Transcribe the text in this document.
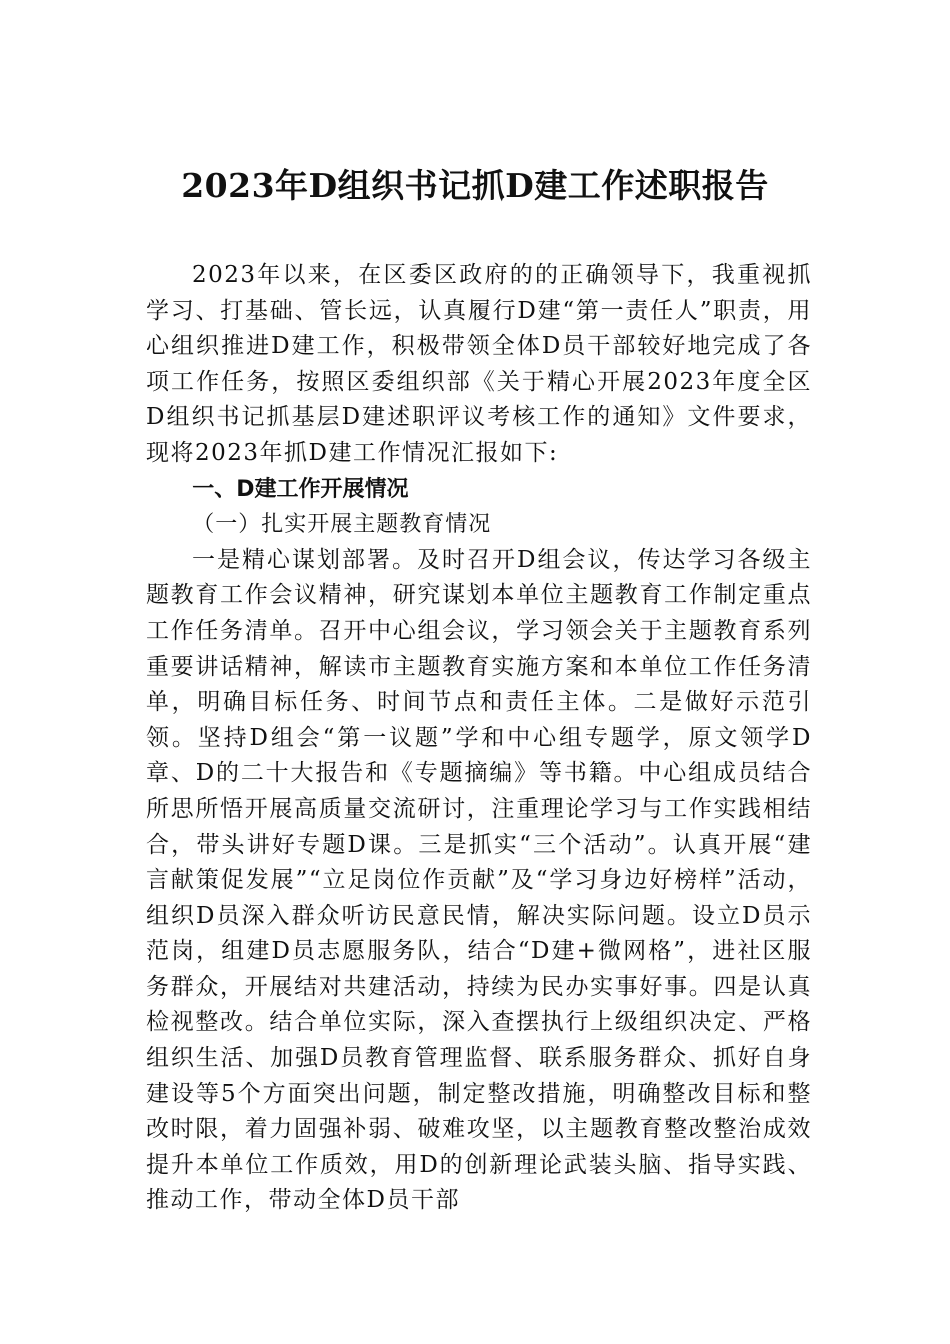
2023年D组织书记抓D建工作述职报告

2023年以来，在区委区政府的的正确领导下，我重视抓学习、打基础、管长远，认真履行D建“第一责任人”职责，用心组织推进D建工作，积极带领全体D员干部较好地完成了各项工作任务，按照区委组织部《关于精心开展2023年度全区D组织书记抓基层D建述职评议考核工作的通知》文件要求，现将2023年抓D建工作情况汇报如下:

一、D建工作开展情况

（一）扎实开展主题教育情况

一是精心谋划部署。及时召开D组会议，传达学习各级主题教育工作会议精神，研究谋划本单位主题教育工作制定重点工作任务清单。召开中心组会议，学习领会关于主题教育系列重要讲话精神，解读市主题教育实施方案和本单位工作任务清单，明确目标任务、时间节点和责任主体。二是做好示范引领。坚持D组会“第一议题”学和中心组专题学，原文领学D章、D的二十大报告和《专题摘编》等书籍。中心组成员结合所思所悟开展高质量交流研讨，注重理论学习与工作实践相结合，带头讲好专题D课。三是抓实“三个活动”。认真开展“建言献策促发展”“立足岗位作贡献”及“学习身边好榜样”活动，组织D员深入群众听访民意民情，解决实际问题。设立D员示范岗，组建D员志愿服务队，结合“D建+微网格”，进社区服务群众，开展结对共建活动，持续为民办实事好事。四是认真检视整改。结合单位实际，深入查摆执行上级组织决定、严格组织生活、加强D员教育管理监督、联系服务群众、抓好自身建设等5个方面突出问题，制定整改措施，明确整改目标和整改时限，着力固强补弱、破难攻坚，以主题教育整改整治成效提升本单位工作质效，用D的创新理论武装头脑、指导实践、推动工作，带动全体D员干部
